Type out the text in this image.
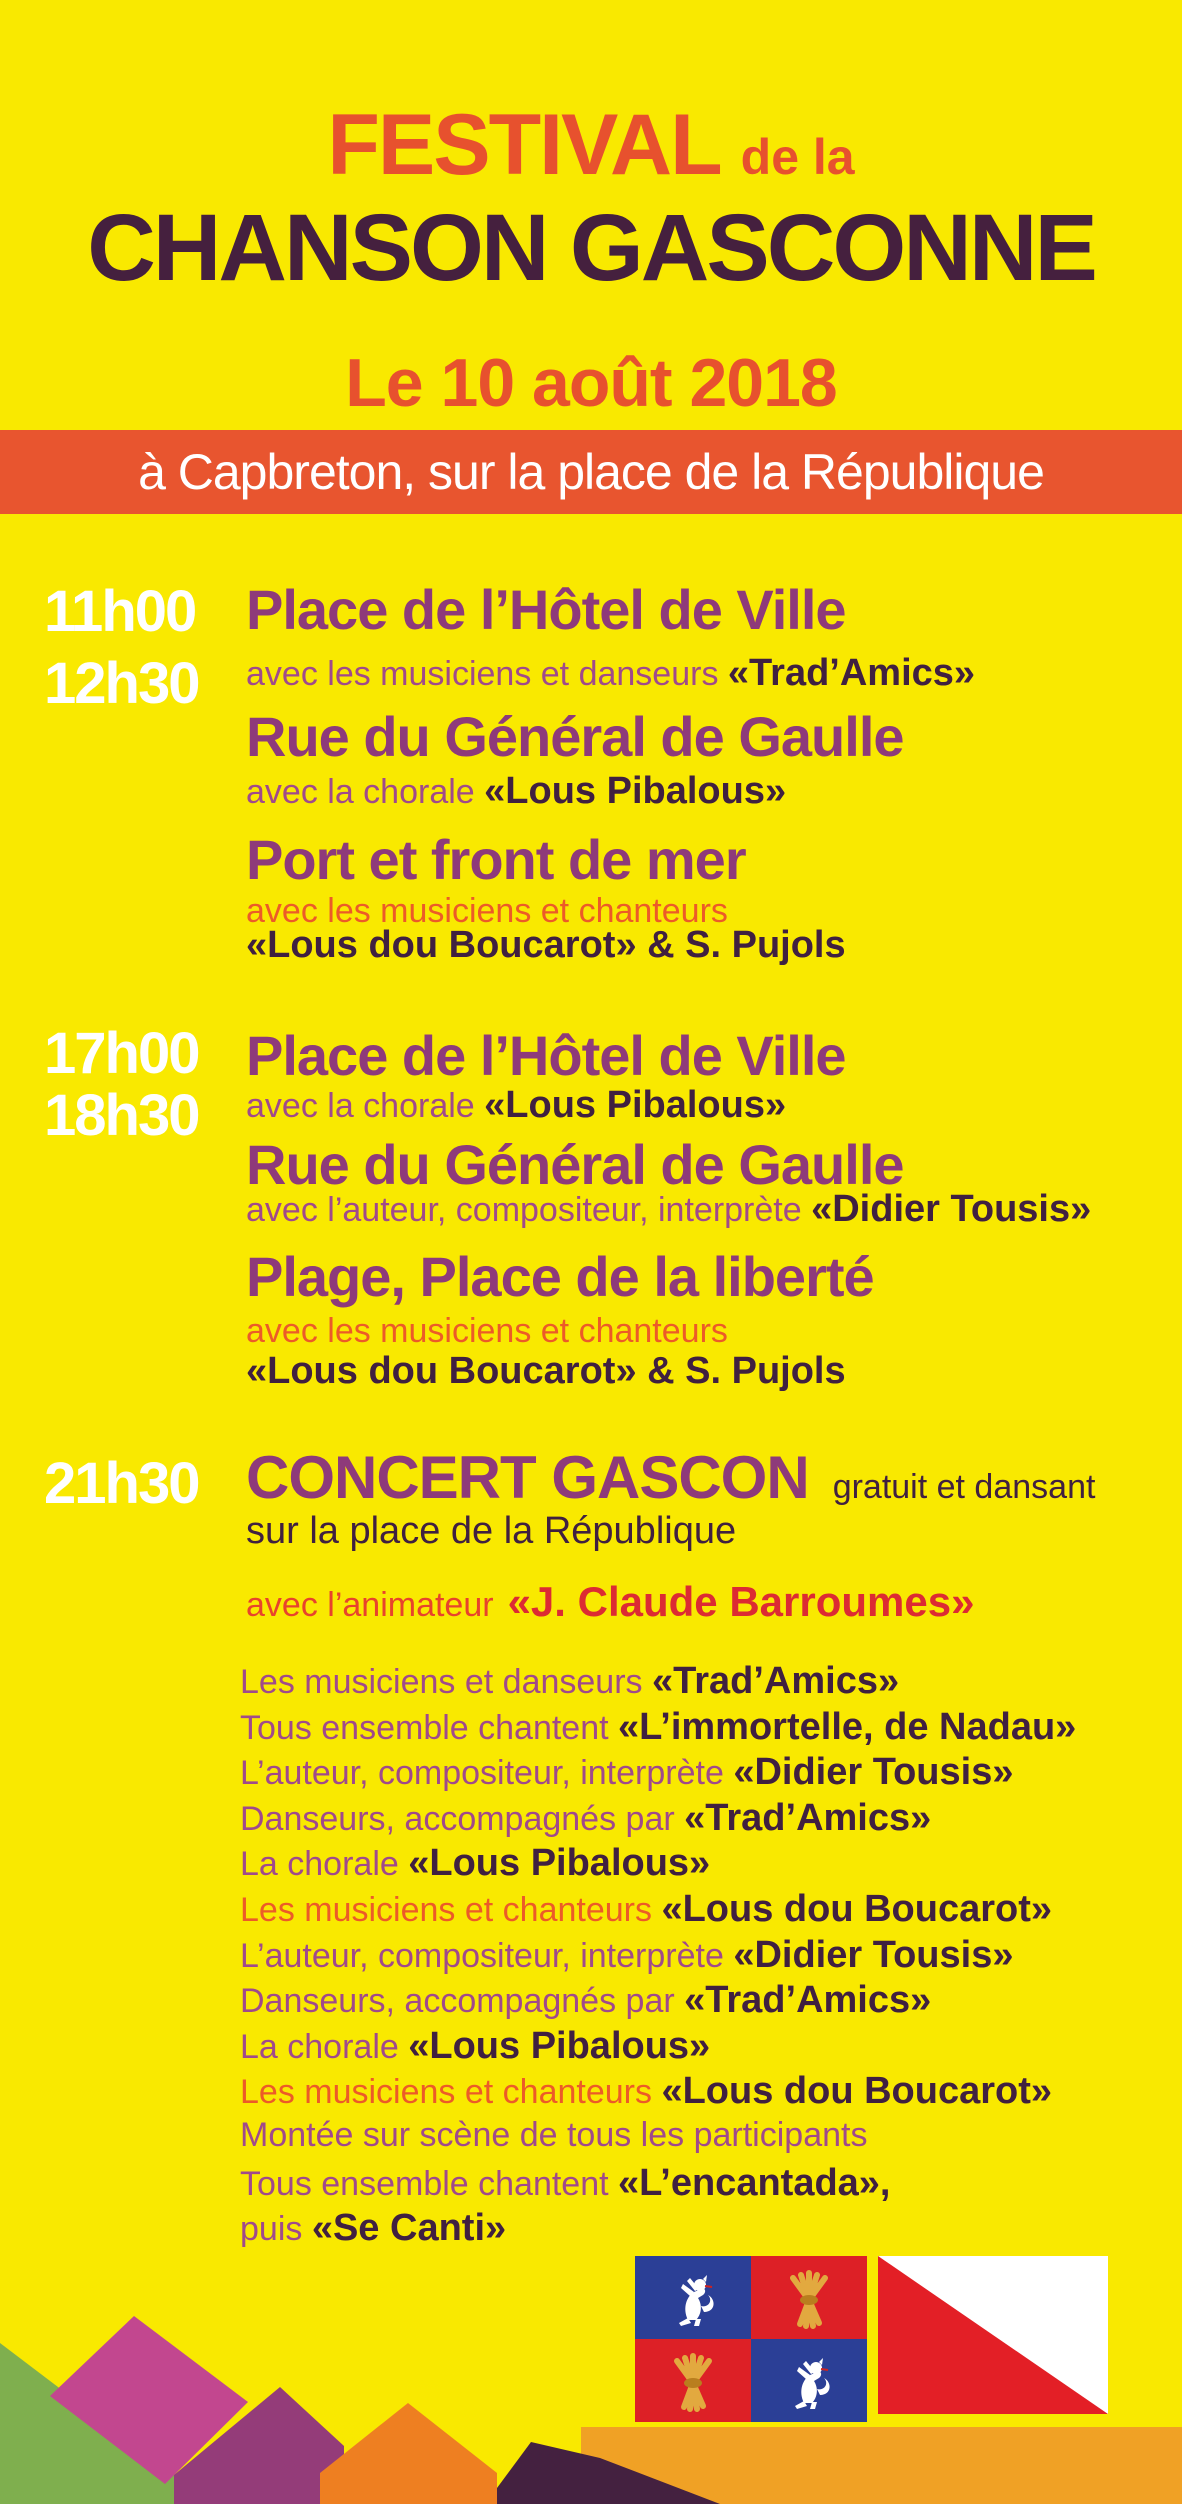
FESTIVAL de la
CHANSON GASCONNE
Le 10 août 2018
à Capbreton, sur la place de la République
11h00
12h30
Place de l’Hôtel de Ville
avec les musiciens et danseurs «Trad’Amics»
Rue du Général de Gaulle
avec la chorale «Lous Pibalous»
Port et front de mer
avec les musiciens et chanteurs
«Lous dou Boucarot» & S. Pujols
17h00
18h30
Place de l’Hôtel de Ville
avec la chorale «Lous Pibalous»
Rue du Général de Gaulle
avec l’auteur, compositeur, interprète «Didier Tousis»
Plage, Place de la liberté
avec les musiciens et chanteurs
«Lous dou Boucarot» & S. Pujols
Les musiciens et danseurs «Trad’Amics»
Tous ensemble chantent «L’immortelle, de Nadau»
L’auteur, compositeur, interprète «Didier Tousis»
Danseurs, accompagnés par «Trad’Amics»
La chorale «Lous Pibalous»
Les musiciens et chanteurs «Lous dou Boucarot»
L’auteur, compositeur, interprète «Didier Tousis»
Danseurs, accompagnés par «Trad’Amics»
La chorale «Lous Pibalous»
Les musiciens et chanteurs «Lous dou Boucarot»
Montée sur scène de tous les participants
Tous ensemble chantent «L’encantada»,
puis «Se Canti»
21h30 CONCERT GASCON gratuit et dansant
sur la place de la République
avec l’animateur «J. Claude Barroumes»
